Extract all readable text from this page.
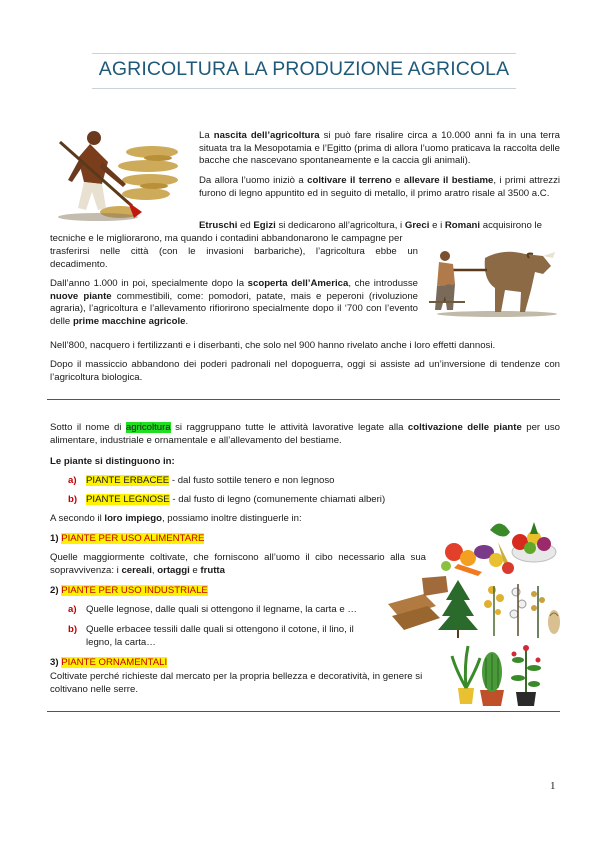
AGRICOLTURA LA PRODUZIONE AGRICOLA

La nascita dell’agricoltura si può fare risalire circa a 10.000 anni fa in una terra situata tra la Mesopotamia e l’Egitto (prima di allora l’uomo praticava la raccolta delle bacche che nascevano spontaneamente e la caccia gli animali).

Da allora l’uomo iniziò a coltivare il terreno e allevare il bestiame, i primi attrezzi furono di legno appuntito ed in seguito di metallo, il primo aratro risale al 3500 a.C.

Etruschi ed Egizi si dedicarono all’agricoltura, i Greci e i Romani acquisirono le

tecniche e le migliorarono, ma quando i contadini abbandonarono le campagne per

trasferirsi nelle città (con le invasioni barbariche), l’agricoltura ebbe un

decadimento.

Dall’anno 1.000 in poi, specialmente dopo la scoperta dell’America, che introdusse nuove piante commestibili, come: pomodori, patate, mais e peperoni (rivoluzione agraria), l’agricoltura e l’allevamento rifiorirono specialmente dopo il ‘700 con l’evento delle prime macchine agricole.

Nell’800, nacquero i fertilizzanti e i diserbanti, che solo nel 900 hanno rivelato anche i loro effetti dannosi.

Dopo il massiccio abbandono dei poderi padronali nel dopoguerra, oggi si assiste ad un’inversione di tendenze con l’agricoltura biologica.

Sotto il nome di agricoltura si raggruppano tutte le attività lavorative legate alla coltivazione delle piante per uso alimentare, industriale e ornamentale e all’allevamento del bestiame.

Le piante si distinguono in:

a) PIANTE ERBACEE - dal fusto sottile tenero e non legnoso

b) PIANTE LEGNOSE - dal fusto di legno (comunemente chiamati alberi)

A secondo il loro impiego, possiamo inoltre distinguerle in:

1) PIANTE PER USO ALIMENTARE

Quelle maggiormente coltivate, che forniscono all’uomo il cibo necessario alla sua

sopravvivenza: i cereali, ortaggi e frutta

2) PIANTE PER USO INDUSTRIALE

a) Quelle legnose, dalle quali si ottengono il legname, la carta e …

b) Quelle erbacee tessili dalle quali si ottengono il cotone, il lino, il

legno, la carta…

3) PIANTE ORNAMENTALI

Coltivate perché richieste dal mercato per la propria bellezza e decoratività, in genere si

coltivano nelle serre.

1
